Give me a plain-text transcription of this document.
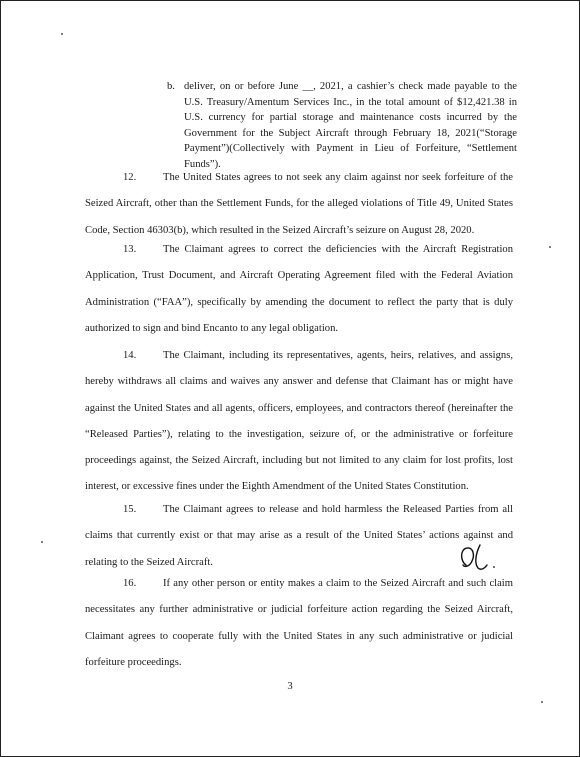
b. deliver, on or before June __, 2021, a cashier’s check made payable to the U.S. Treasury/Amentum Services Inc., in the total amount of $12,421.38 in U.S. currency for partial storage and maintenance costs incurred by the Government for the Subject Aircraft through February 18, 2021(“Storage Payment”)(Collectively with Payment in Lieu of Forfeiture, “Settlement Funds”).
12.	The United States agrees to not seek any claim against nor seek forfeiture of the Seized Aircraft, other than the Settlement Funds, for the alleged violations of Title 49, United States Code, Section 46303(b), which resulted in the Seized Aircraft’s seizure on August 28, 2020.
13.	The Claimant agrees to correct the deficiencies with the Aircraft Registration Application, Trust Document, and Aircraft Operating Agreement filed with the Federal Aviation Administration (“FAA”), specifically by amending the document to reflect the party that is duly authorized to sign and bind Encanto to any legal obligation.
14.	The Claimant, including its representatives, agents, heirs, relatives, and assigns, hereby withdraws all claims and waives any answer and defense that Claimant has or might have against the United States and all agents, officers, employees, and contractors thereof (hereinafter the “Released Parties”), relating to the investigation, seizure of, or the administrative or forfeiture proceedings against, the Seized Aircraft, including but not limited to any claim for lost profits, lost interest, or excessive fines under the Eighth Amendment of the United States Constitution.
15.	The Claimant agrees to release and hold harmless the Released Parties from all claims that currently exist or that may arise as a result of the United States’ actions against and relating to the Seized Aircraft.
16.	If any other person or entity makes a claim to the Seized Aircraft and such claim necessitates any further administrative or judicial forfeiture action regarding the Seized Aircraft, Claimant agrees to cooperate fully with the United States in any such administrative or judicial forfeiture proceedings.
3
